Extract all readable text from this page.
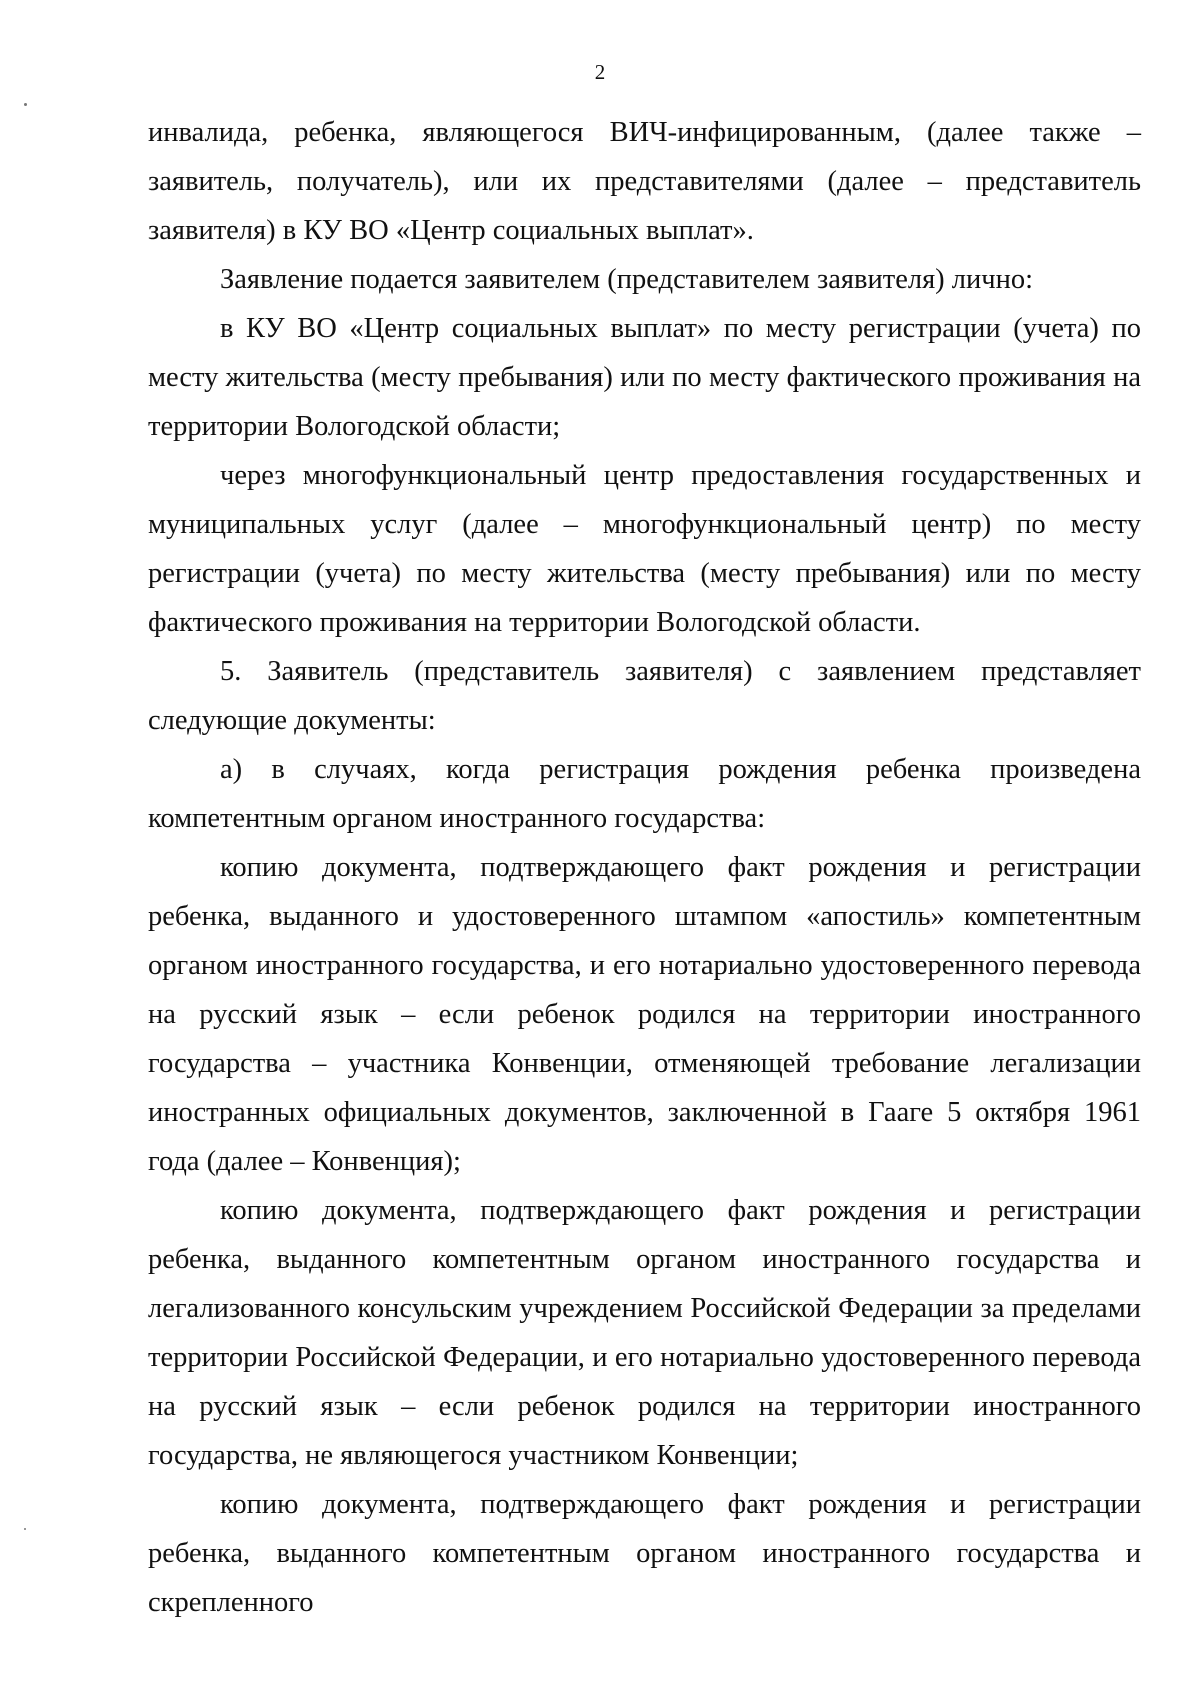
2

инвалида, ребенка, являющегося ВИЧ-инфицированным, (далее также – заявитель, получатель), или их представителями (далее – представитель заявителя) в КУ ВО «Центр социальных выплат».

Заявление подается заявителем (представителем заявителя) лично:

в КУ ВО «Центр социальных выплат» по месту регистрации (учета) по месту жительства (месту пребывания) или по месту фактического проживания на территории Вологодской области;

через многофункциональный центр предоставления государственных и муниципальных услуг (далее – многофункциональный центр) по месту регистрации (учета) по месту жительства (месту пребывания) или по месту фактического проживания на территории Вологодской области.

5. Заявитель (представитель заявителя) с заявлением представляет следующие документы:

а) в случаях, когда регистрация рождения ребенка произведена компетентным органом иностранного государства:

копию документа, подтверждающего факт рождения и регистрации ребенка, выданного и удостоверенного штампом «апостиль» компетентным органом иностранного государства, и его нотариально удостоверенного перевода на русский язык – если ребенок родился на территории иностранного государства – участника Конвенции, отменяющей требование легализации иностранных официальных документов, заключенной в Гааге 5 октября 1961 года (далее – Конвенция);

копию документа, подтверждающего факт рождения и регистрации ребенка, выданного компетентным органом иностранного государства и легализованного консульским учреждением Российской Федерации за пределами территории Российской Федерации, и его нотариально удостоверенного перевода на русский язык – если ребенок родился на территории иностранного государства, не являющегося участником Конвенции;

копию документа, подтверждающего факт рождения и регистрации ребенка, выданного компетентным органом иностранного государства и скрепленного
